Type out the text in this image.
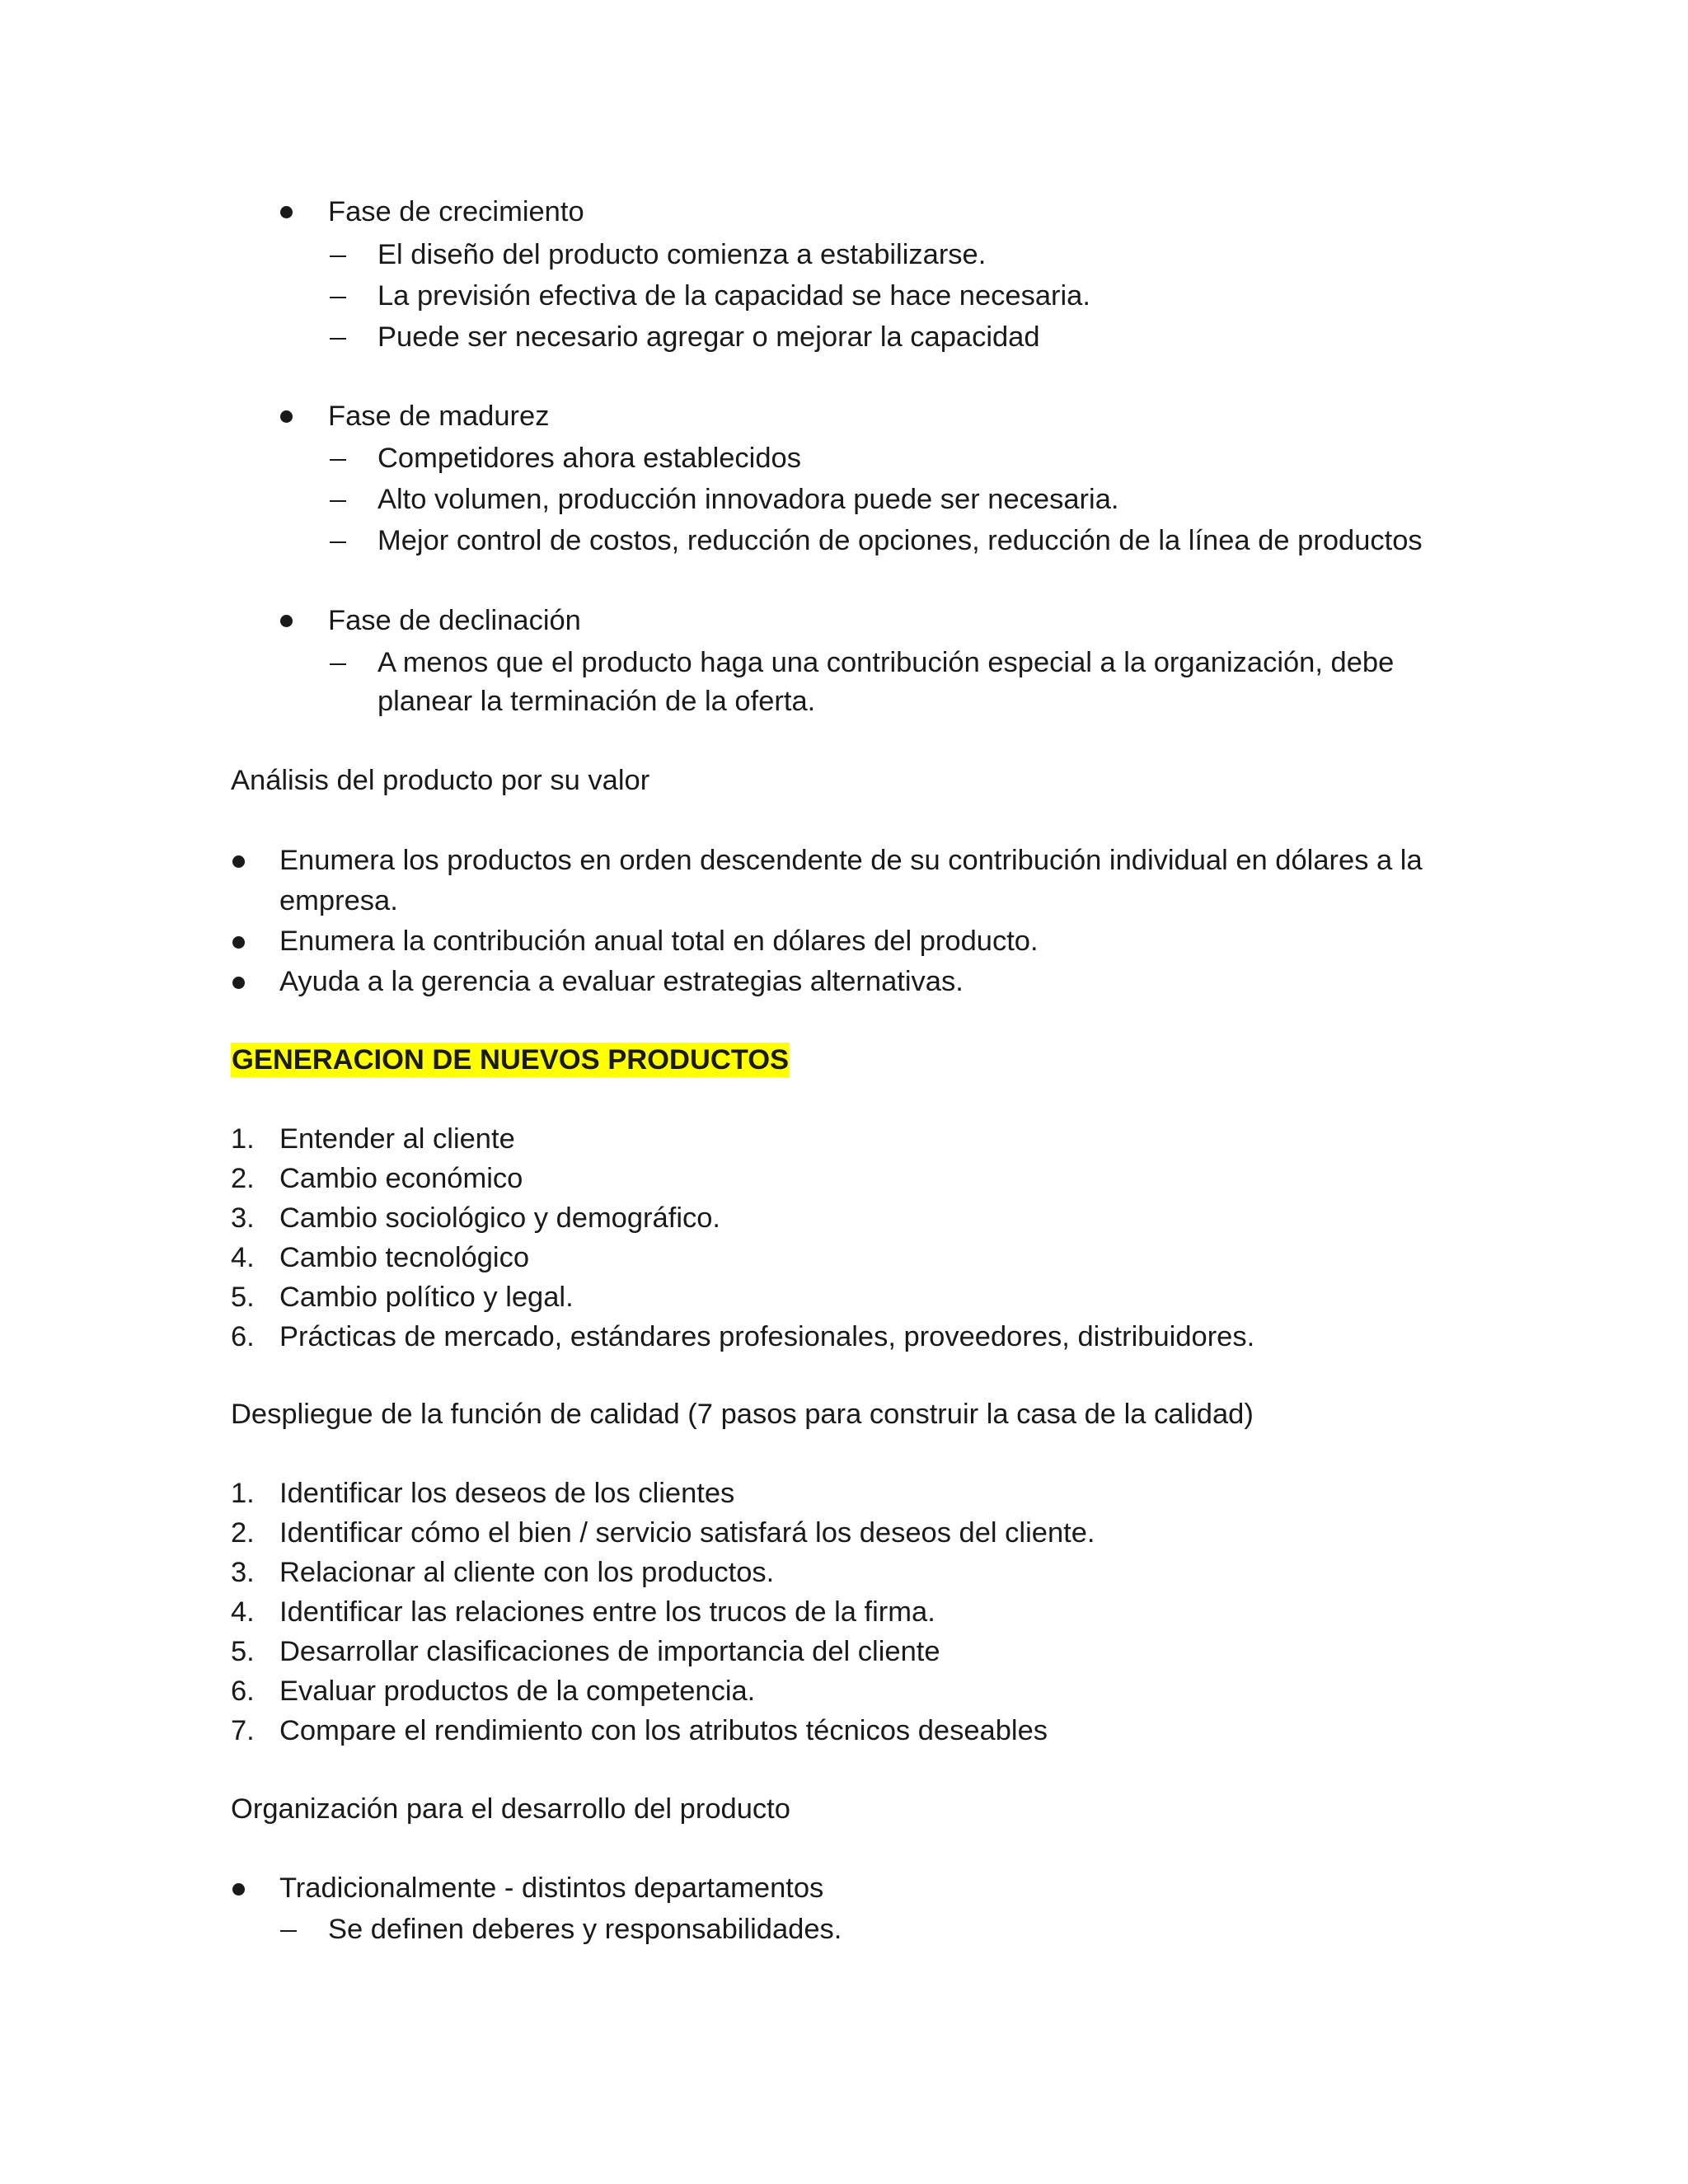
Fase de crecimiento
El diseño del producto comienza a estabilizarse.
La previsión efectiva de la capacidad se hace necesaria.
Puede ser necesario agregar o mejorar la capacidad
Fase de madurez
Competidores ahora establecidos
Alto volumen, producción innovadora puede ser necesaria.
Mejor control de costos, reducción de opciones, reducción de la línea de productos
Fase de declinación
A menos que el producto haga una contribución especial a la organización, debe
planear la terminación de la oferta.
Análisis del producto por su valor
Enumera los productos en orden descendente de su contribución individual en dólares a la
empresa.
Enumera la contribución anual total en dólares del producto.
Ayuda a la gerencia a evaluar estrategias alternativas.
GENERACION DE NUEVOS PRODUCTOS
1. Entender al cliente
2. Cambio económico
3. Cambio sociológico y demográfico.
4. Cambio tecnológico
5. Cambio político y legal.
6. Prácticas de mercado, estándares profesionales, proveedores, distribuidores.
Despliegue de la función de calidad (7 pasos para construir la casa de la calidad)
1. Identificar los deseos de los clientes
2. Identificar cómo el bien / servicio satisfará los deseos del cliente.
3. Relacionar al cliente con los productos.
4. Identificar las relaciones entre los trucos de la firma.
5. Desarrollar clasificaciones de importancia del cliente
6. Evaluar productos de la competencia.
7. Compare el rendimiento con los atributos técnicos deseables
Organización para el desarrollo del producto
Tradicionalmente - distintos departamentos
Se definen deberes y responsabilidades.
